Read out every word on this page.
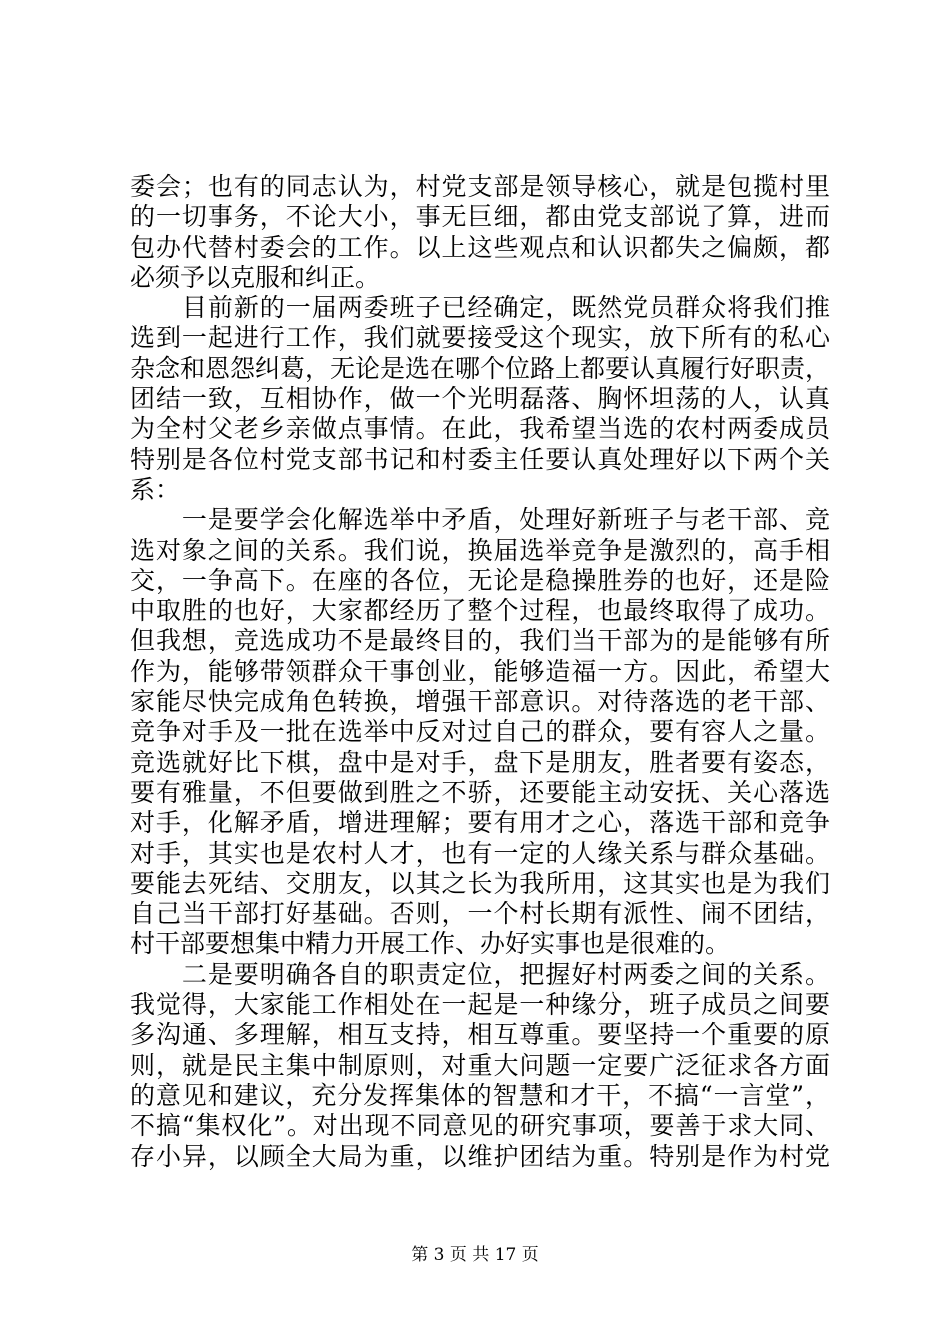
委会；也有的同志认为，村党支部是领导核心，就是包揽村里
的一切事务，不论大小，事无巨细，都由党支部说了算，进而
包办代替村委会的工作。以上这些观点和认识都失之偏颇，都
必须予以克服和纠正。
　　目前新的一届两委班子已经确定，既然党员群众将我们推
选到一起进行工作，我们就要接受这个现实，放下所有的私心
杂念和恩怨纠葛，无论是选在哪个位路上都要认真履行好职责，
团结一致，互相协作，做一个光明磊落、胸怀坦荡的人，认真
为全村父老乡亲做点事情。在此，我希望当选的农村两委成员
特别是各位村党支部书记和村委主任要认真处理好以下两个关
系：
　　一是要学会化解选举中矛盾，处理好新班子与老干部、竞
选对象之间的关系。我们说，换届选举竞争是激烈的，高手相
交，一争高下。在座的各位，无论是稳操胜券的也好，还是险
中取胜的也好，大家都经历了整个过程，也最终取得了成功。
但我想，竞选成功不是最终目的，我们当干部为的是能够有所
作为，能够带领群众干事创业，能够造福一方。因此，希望大
家能尽快完成角色转换，增强干部意识。对待落选的老干部、
竞争对手及一批在选举中反对过自己的群众，要有容人之量。
竞选就好比下棋，盘中是对手，盘下是朋友，胜者要有姿态，
要有雅量，不但要做到胜之不骄，还要能主动安抚、关心落选
对手，化解矛盾，增进理解；要有用才之心，落选干部和竞争
对手，其实也是农村人才，也有一定的人缘关系与群众基础。
要能去死结、交朋友，以其之长为我所用，这其实也是为我们
自己当干部打好基础。否则，一个村长期有派性、闹不团结，
村干部要想集中精力开展工作、办好实事也是很难的。
　　二是要明确各自的职责定位，把握好村两委之间的关系。
我觉得，大家能工作相处在一起是一种缘分，班子成员之间要
多沟通、多理解，相互支持，相互尊重。要坚持一个重要的原
则，就是民主集中制原则，对重大问题一定要广泛征求各方面
的意见和建议，充分发挥集体的智慧和才干，不搞“一言堂”，
不搞“集权化”。对出现不同意见的研究事项，要善于求大同、
存小异，以顾全大局为重，以维护团结为重。特别是作为村党
第 3 页 共 17 页
